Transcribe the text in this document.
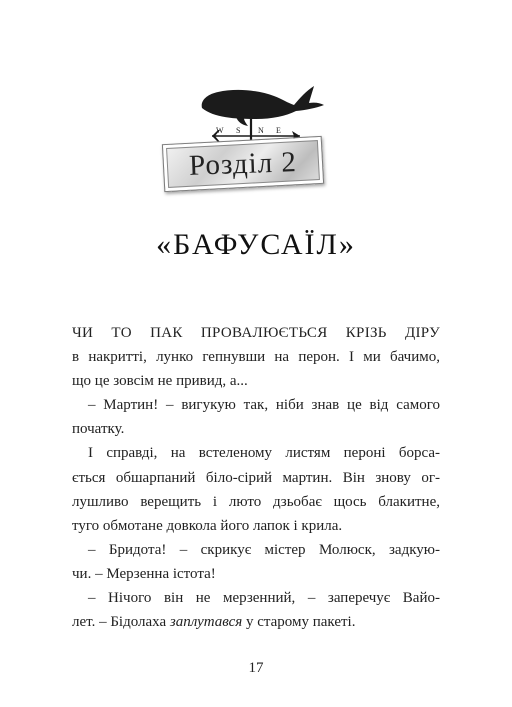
W S N E
Розділ 2
«БАФУСАЇЛ»
ЧИ ТО ПАК ПРОВАЛЮЄТЬСЯ КРІЗЬ ДІРУ
в накритті, лунко гепнувши на перон. І ми бачимо,
що це зовсім не привид, а...
– Мартин! – вигукую так, ніби знав це від самого
початку.
І справді, на встеленому листям пероні борса-
ється обшарпаний біло-сірий мартин. Він знову ог-
лушливо верещить і люто дзьобає щось блакитне,
туго обмотане довкола його лапок і крила.
– Бридота! – скрикує містер Молюск, задкую-
чи. – Мерзенна істота!
– Нічого він не мерзенний, – заперечує Вайо-
лет. – Бідолаха заплутався у старому пакеті.
17
